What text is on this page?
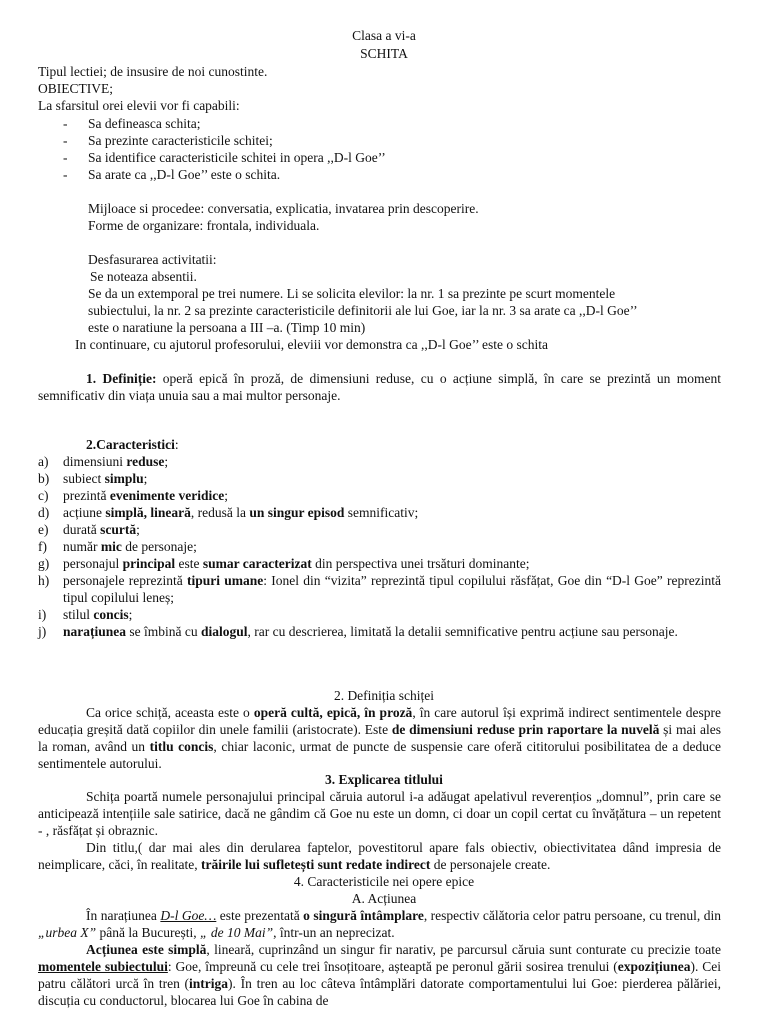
Clasa a vi-a
SCHITA
Tipul lectiei; de insusire de noi cunostinte.
OBIECTIVE;
La sfarsitul orei elevii vor fi capabili:
- Sa defineasca schita;
- Sa prezinte caracteristicile schitei;
- Sa identifice caracteristicile schitei in opera ,,D-l Goe’’
- Sa arate ca ,,D-l Goe’’ este o schita.
Mijloace si procedee: conversatia, explicatia, invatarea prin descoperire.
Forme de organizare: frontala, individuala.
Desfasurarea activitatii:
Se noteaza absentii.
Se da un extemporal pe trei numere. Li se solicita elevilor: la nr. 1 sa prezinte pe scurt momentele
subiectului, la nr. 2 sa prezinte caracteristicile definitorii ale lui Goe, iar la nr. 3 sa arate ca ,,D-l Goe’’
este o naratiune la persoana a III –a. (Timp 10 min)
In continuare, cu ajutorul profesorului, eleviii vor demonstra ca ,,D-l Goe’’ este o schita
1. Definiție: operă epică în proză, de dimensiuni reduse, cu o acțiune simplă, în care se prezintă un moment semnificativ din viața unuia sau a mai multor personaje.
2.Caracteristici:
a) dimensiuni reduse;
b) subiect simplu;
c) prezintă evenimente veridice;
d) acțiune simplă, lineară, redusă la un singur episod semnificativ;
e) durată scurtă;
f) număr mic de personaje;
g) personajul principal este sumar caracterizat din perspectiva unei trsături dominante;
h) personajele reprezintă tipuri umane: Ionel din “vizita” reprezintă tipul copilului răsfățat, Goe din “D-l Goe” reprezintă tipul copilului leneș;
i) stilul concis;
j) narațiunea se îmbină cu dialogul, rar cu descrierea, limitată la detalii semnificative pentru acțiune sau personaje.
2. Definiția schiței
Ca orice schiță, aceasta este o operă cultă, epică, în proză, în care autorul își exprimă indirect sentimentele despre educația greșită dată copiilor din unele familii (aristocrate). Este de dimensiuni reduse prin raportare la nuvelă și mai ales la roman, având un titlu concis, chiar laconic, urmat de puncte de suspensie care oferă cititorului posibilitatea de a deduce sentimentele autorului.
3. Explicarea titlului
Schița poartă numele personajului principal căruia autorul i-a adăugat apelativul reverențios „domnul”, prin care se anticipează intențiile sale satirice, dacă ne gândim că Goe nu este un domn, ci doar un copil certat cu învățătura – un repetent - , răsfățat și obraznic.
Din titlu,( dar mai ales din derularea faptelor, povestitorul apare fals obiectiv, obiectivitatea dând impresia de neimplicare, căci, în realitate, trăirile lui sufletești sunt redate indirect de personajele create.
4. Caracteristicile nei opere epice
A. Acțiunea
În narațiunea D-l Goe… este prezentată o singură întâmplare, respectiv călătoria celor patru persoane, cu trenul, din „urbea X” până la București, „ de 10 Mai”, într-un an neprecizat.
Acțiunea este simplă, lineară, cuprinzând un singur fir narativ, pe parcursul căruia sunt conturate cu precizie toate momentele subiectului: Goe, împreună cu cele trei însoțitoare, așteaptă pe peronul gării sosirea trenului (expozițiunea). Cei patru călători urcă în tren (intriga). În tren au loc câteva întâmplări datorate comportamentului lui Goe: pierderea pălăriei, discuția cu conductorul, blocarea lui Goe în cabina de
